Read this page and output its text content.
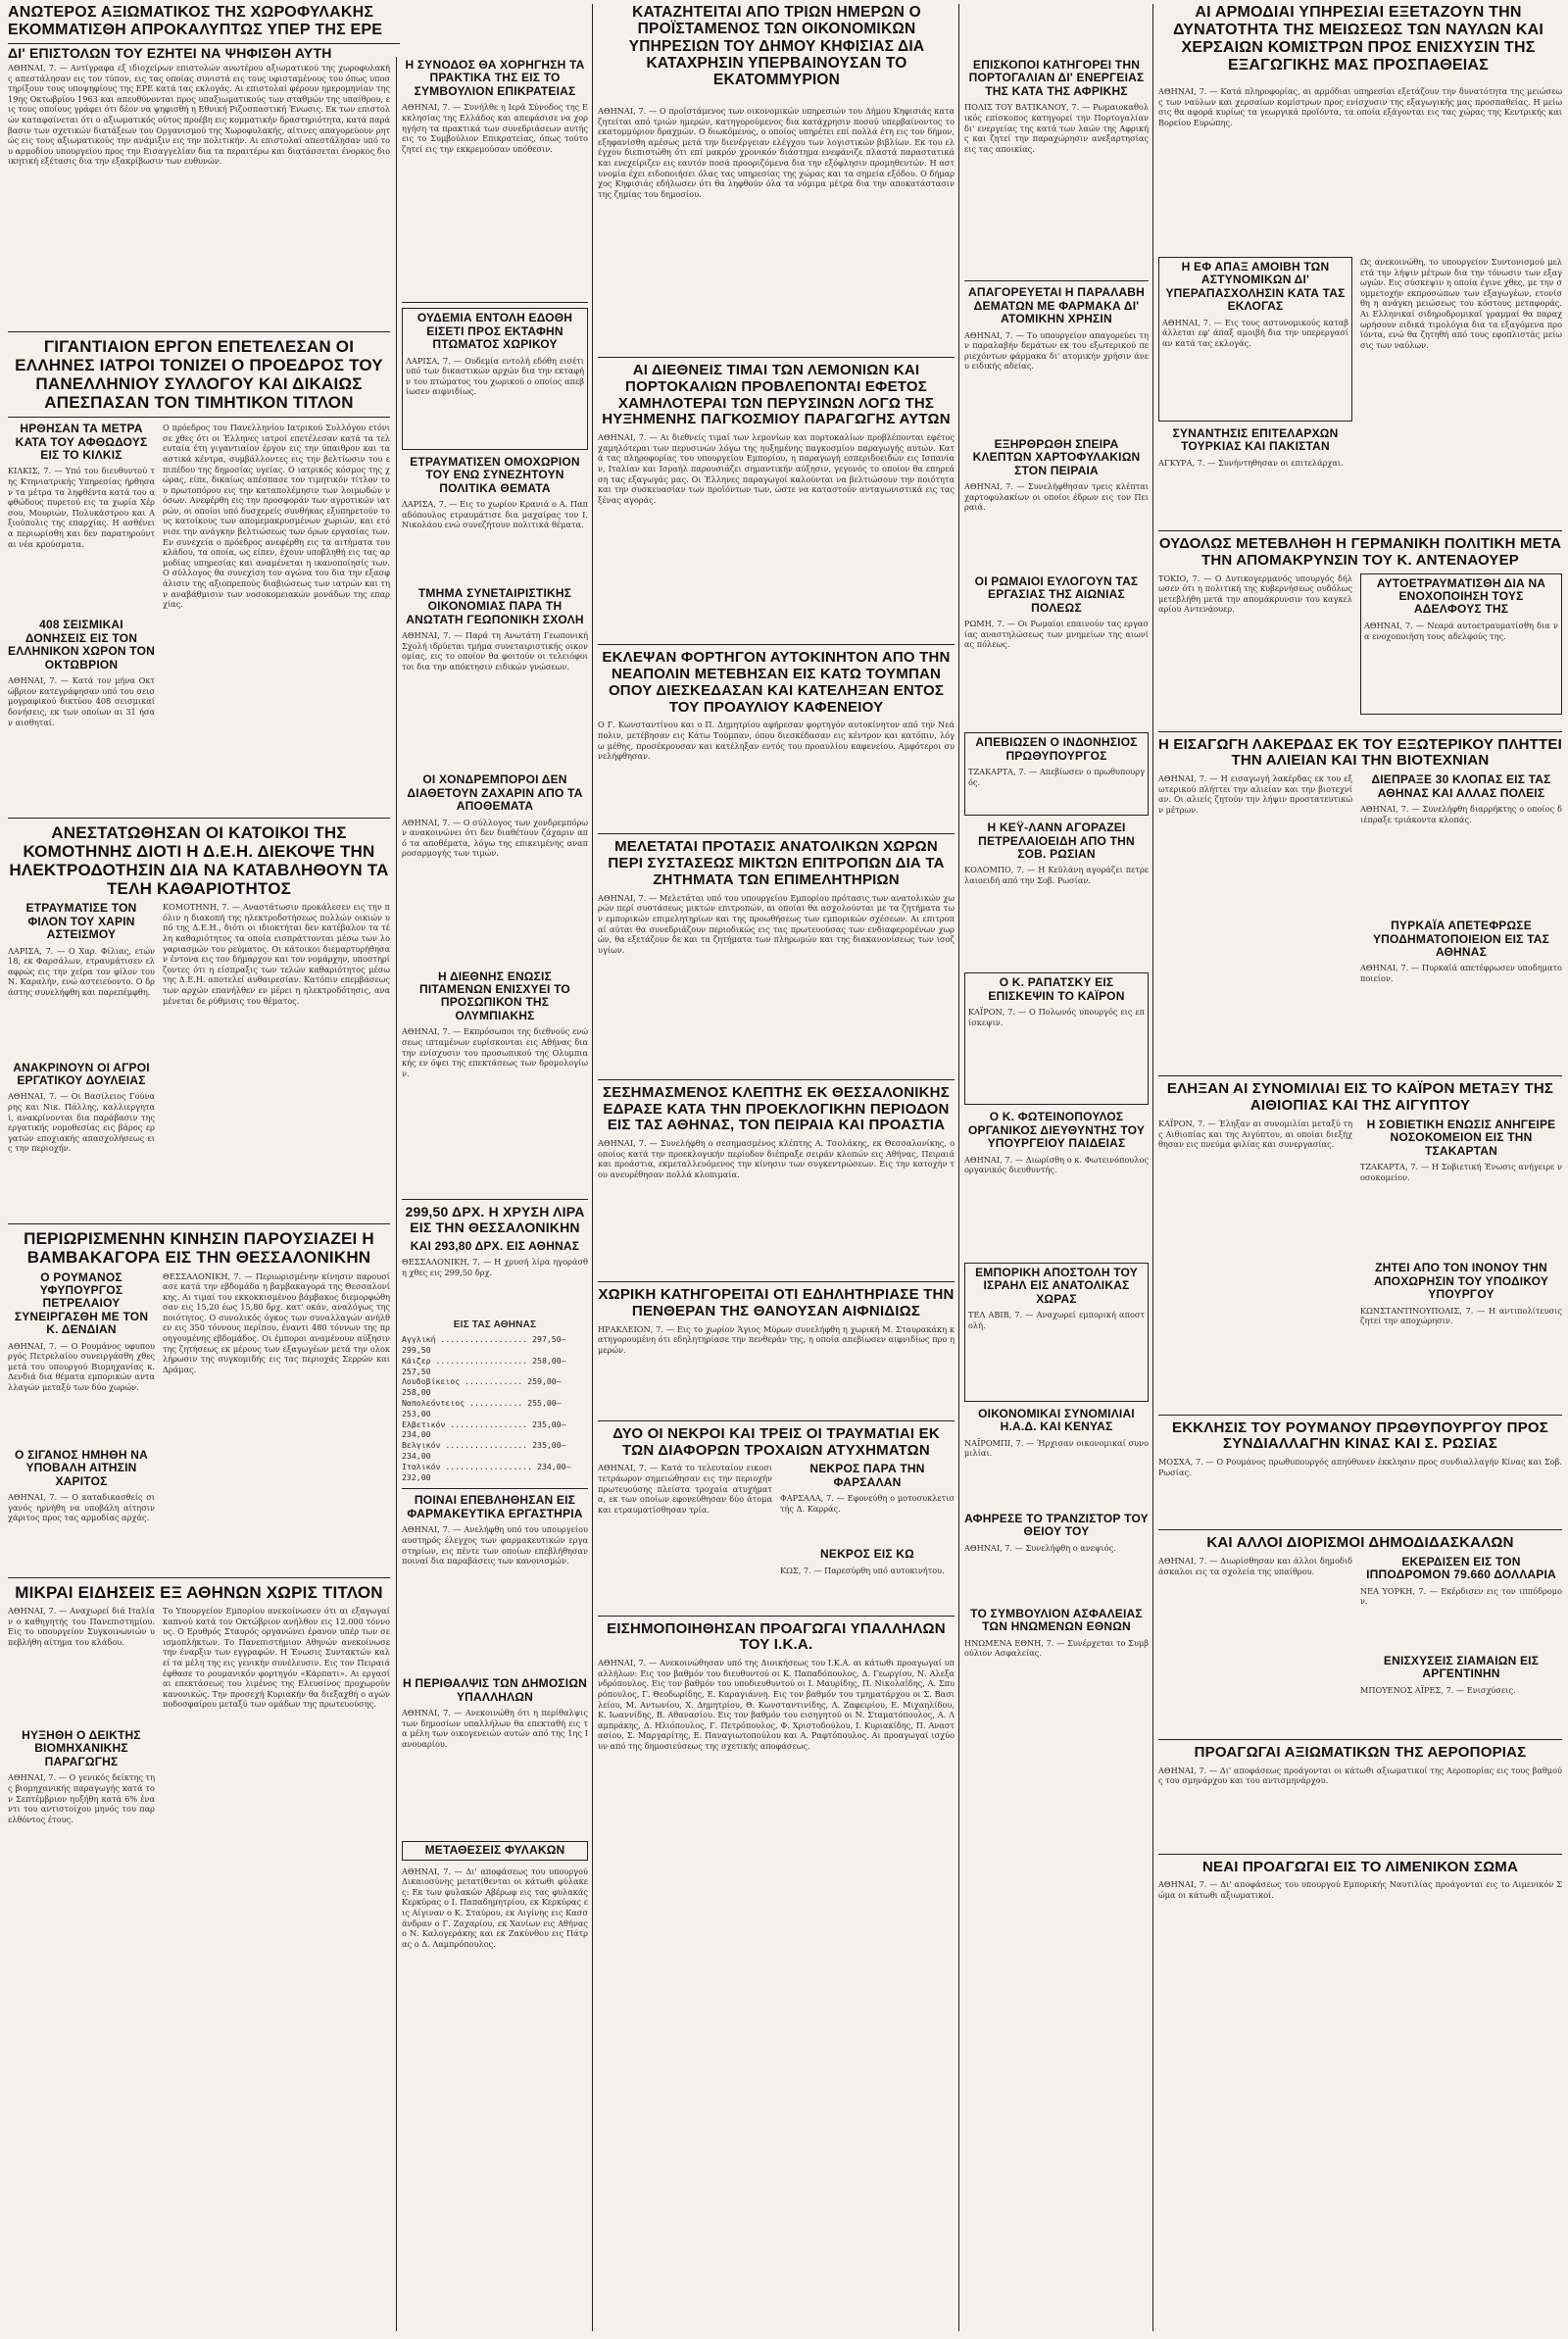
ΑΝΩΤΕΡΟΣ ΑΞΙΩΜΑΤΙΚΟΣ ΤΗΣ ΧΩΡΟΦΥΛΑΚΗΣ ΕΚΟΜΜΑΤΙΣΘΗ ΑΠΡΟΚΑΛΥΠΤΩΣ ΥΠΕΡ ΤΗΣ ΕΡΕ
ΔΙ' ΕΠΙΣΤΟΛΩΝ ΤΟΥ ΕΖΗΤΕΙ ΝΑ ΨΗΦΙΣΘΗ ΑΥΤΗ
ΚΑΤΑΖΗΤΕΙΤΑΙ ΑΠΟ ΤΡΙΩΝ ΗΜΕΡΩΝ Ο ΠΡΟΪΣΤΑΜΕΝΟΣ ΤΩΝ ΟΙΚΟΝΟΜΙΚΩΝ ΥΠΗΡΕΣΙΩΝ ΤΟΥ ΔΗΜΟΥ ΚΗΦΙΣΙΑΣ ΔΙΑ ΚΑΤΑΧΡΗΣΙΝ ΥΠΕΡΒΑΙΝΟΥΣΑΝ ΤΟ ΕΚΑΤΟΜΜΥΡΙΟΝ
ΑΙ ΑΡΜΟΔΙΑΙ ΥΠΗΡΕΣΙΑΙ ΕΞΕΤΑΖΟΥΝ ΤΗΝ ΔΥΝΑΤΟΤΗΤΑ ΤΗΣ ΜΕΙΩΣΕΩΣ ΤΩΝ ΝΑΥΛΩΝ ΚΑΙ ΧΕΡΣΑΙΩΝ ΚΟΜΙΣΤΡΩΝ ΠΡΟΣ ΕΝΙΣΧΥΣΙΝ ΤΗΣ ΕΞΑΓΩΓΙΚΗΣ ΜΑΣ ΠΡΟΣΠΑΘΕΙΑΣ

ΑΘΗΝΑΙ, 7. — Αντίγραφα εξ ιδιοχείρων επιστολών ανωτέρου αξιωματικού της χωροφυλακής απεστάλησαν εις τον τύπον, εις τας οποίας συνιστά εις τους υφισταμένους του όπως υποστηρίξουν τους υποψηφίους της ΕΡΕ κατά τας εκλογάς. Αι επιστολαί φέρουν ημερομηνίαν της 19ης Οκτωβρίου 1963 και απευθύνονται προς υπαξιωματικούς των σταθμών της υπαίθρου, εις τους οποίους γράφει ότι δέον να ψηφισθή η Εθνική Ριζοσπαστική Ένωσις. Εκ των επιστολών καταφαίνεται ότι ο αξιωματικός ούτος προέβη εις κομματικήν δραστηριότητα, κατά παράβασιν των σχετικών διατάξεων του Οργανισμού της Χωροφυλακής, αίτινες απαγορεύουν ρητώς εις τους αξιωματικούς την ανάμιξιν εις την πολιτικήν. Αι επιστολαί απεστάλησαν υπό του αρμοδίου υπουργείου προς την Εισαγγελίαν δια τα περαιτέρω και διατάσσεται ένορκος διοικητική εξέτασις δια την εξακρίβωσιν των ευθυνών.

ΓΙΓΑΝΤΙΑΙΟΝ ΕΡΓΟΝ ΕΠΕΤΕΛΕΣΑΝ ΟΙ ΕΛΛΗΝΕΣ ΙΑΤΡΟΙ ΤΟΝΙΖΕΙ Ο ΠΡΟΕΔΡΟΣ ΤΟΥ ΠΑΝΕΛΛΗΝΙΟΥ ΣΥΛΛΟΓΟΥ ΚΑΙ ΔΙΚΑΙΩΣ ΑΠΕΣΠΑΣΑΝ ΤΟΝ ΤΙΜΗΤΙΚΟΝ ΤΙΤΛΟΝ
ΗΡΘΗΣΑΝ ΤΑ ΜΕΤΡΑ ΚΑΤΑ ΤΟΥ ΑΦΘΩΔΟΥΣ ΕΙΣ ΤΟ ΚΙΛΚΙΣ

ΚΙΛΚΙΣ, 7. — Υπό του διευθυντού της Κτηνιατρικής Υπηρεσίας ήρθησαν τα μέτρα τα ληφθέντα κατά του αφθώδους πυρετού εις τα χωρία Χέρσου, Μουριών, Πολυκάστρου και Αξιούπολις της επαρχίας. Η ασθένεια περιωρίσθη και δεν παρατηρούνται νέα κρούσματα.

408 ΣΕΙΣΜΙΚΑΙ ΔΟΝΗΣΕΙΣ ΕΙΣ ΤΟΝ ΕΛΛΗΝΙΚΟΝ ΧΩΡΟΝ ΤΟΝ ΟΚΤΩΒΡΙΟΝ

ΑΘΗΝΑΙ, 7. — Κατά τον μήνα Οκτώβριον κατεγράφησαν υπό του σεισμογραφικού δικτύου 408 σεισμικαί δονήσεις, εκ των οποίων αι 31 ήσαν αισθηταί.

Ο πρόεδρος του Πανελληνίου Ιατρικού Συλλόγου ετόνισε χθες ότι οι Έλληνες ιατροί επετέλεσαν κατά τα τελευταία έτη γιγαντιαίον έργον εις την ύπαιθρον και τα αστικά κέντρα, συμβάλλοντες εις την βελτίωσιν του επιπέδου της δημοσίας υγείας. Ο ιατρικός κόσμος της χώρας, είπε, δικαίως απέσπασε τον τιμητικόν τίτλον του πρωτοπόρου εις την καταπολέμησιν των λοιμωδών νόσων. Ανεφέρθη εις την προσφοράν των αγροτικών ιατρών, οι οποίοι υπό δυσχερείς συνθήκας εξυπηρετούν τους κατοίκους των απομεμακρυσμένων χωριών, και ετόνισε την ανάγκην βελτιώσεως των όρων εργασίας των. Εν συνεχεία ο πρόεδρος ανεφέρθη εις τα αιτήματα του κλάδου, τα οποία, ως είπεν, έχουν υποβληθή εις τας αρμοδίας υπηρεσίας και αναμένεται η ικανοποίησίς των. Ο σύλλογος θα συνεχίση τον αγώνα του δια την εξασφάλισιν της αξιοπρεπούς διαβιώσεως των ιατρών και την αναβάθμισιν των νοσοκομειακών μονάδων της επαρχίας.

ΑΝΕΣΤΑΤΩΘΗΣΑΝ ΟΙ ΚΑΤΟΙΚΟΙ ΤΗΣ ΚΟΜΟΤΗΝΗΣ ΔΙΟΤΙ Η Δ.Ε.Η. ΔΙΕΚΟΨΕ ΤΗΝ ΗΛΕΚΤΡΟΔΟΤΗΣΙΝ ΔΙΑ ΝΑ ΚΑΤΑΒΛΗΘΟΥΝ ΤΑ ΤΕΛΗ ΚΑΘΑΡΙΟΤΗΤΟΣ
ΕΤΡΑΥΜΑΤΙΣΕ ΤΟΝ ΦΙΛΟΝ ΤΟΥ ΧΑΡΙΝ ΑΣΤΕΙΣΜΟΥ

ΛΑΡΙΣΑ, 7. — Ο Χαρ. Φίλιας, ετών 18, εκ Φαρσάλων, ετραυμάτισεν ελαφρώς εις την χείρα τον φίλον του Ν. Καραλήν, ενώ αστειεύοντο. Ο δράστης συνελήφθη και παρεπέμφθη.

ΑΝΑΚΡΙΝΟΥΝ ΟΙ ΑΓΡΟΙ ΕΡΓΑΤΙΚΟΥ ΔΟΥΛΕΙΑΣ

ΑΘΗΝΑΙ, 7. — Οι Βασίλειος Γούναρης και Νικ. Πάλλης, καλλιεργηταί, ανακρίνονται δια παράβασιν της εργατικής νομοθεσίας εις βάρος εργατών εποχιακής απασχολήσεως εις την περιοχήν.

ΚΟΜΟΤΗΝΗ, 7. — Αναστάτωσιν προκάλεσεν εις την πόλιν η διακοπή της ηλεκτροδοτήσεως πολλών οικιών υπό της Δ.Ε.Η., διότι οι ιδιοκτήται δεν κατέβαλον τα τέλη καθαριότητος τα οποία εισπράττονται μέσω των λογαριασμών του ρεύματος. Οι κάτοικοι διεμαρτυρήθησαν έντονα εις τον δήμαρχον και τον νομάρχην, υποστηρίζοντες ότι η είσπραξις των τελών καθαριότητος μέσω της Δ.Ε.Η. αποτελεί αυθαιρεσίαν. Κατόπιν επεμβάσεως των αρχών επανήλθεν εν μέρει η ηλεκτροδότησις, αναμένεται δε ρύθμισις του θέματος.

ΠΕΡΙΩΡΙΣΜΕΝΗΝ ΚΙΝΗΣΙΝ ΠΑΡΟΥΣΙΑΖΕΙ Η ΒΑΜΒΑΚΑΓΟΡΑ ΕΙΣ ΤΗΝ ΘΕΣΣΑΛΟΝΙΚΗΝ
Ο ΡΟΥΜΑΝΟΣ ΥΦΥΠΟΥΡΓΟΣ ΠΕΤΡΕΛΑΙΟΥ ΣΥΝΕΙΡΓΑΣΘΗ ΜΕ ΤΟΝ Κ. ΔΕΝΔΙΑΝ

ΑΘΗΝΑΙ, 7. — Ο Ρουμάνος υφυπουργός Πετρελαίου συνειργάσθη χθες μετά του υπουργού Βιομηχανίας κ. Δενδιά δια θέματα εμπορικών ανταλλαγών μεταξύ των δύο χωρών.

Ο ΣΙΓΑΝΟΣ ΗΜΗΘΗ ΝΑ ΥΠΟΒΑΛΗ ΑΙΤΗΣΙΝ ΧΑΡΙΤΟΣ

ΑΘΗΝΑΙ, 7. — Ο καταδικασθείς σιγανός ηρνήθη να υποβάλη αίτησιν χάριτος προς τας αρμοδίας αρχάς.

ΘΕΣΣΑΛΟΝΙΚΗ, 7. — Περιωρισμένην κίνησιν παρουσίασε κατά την εβδομάδα η βαμβακαγορά της Θεσσαλονίκης. Αι τιμαί του εκκοκκισμένου βάμβακος διεμορφώθησαν εις 15,20 έως 15,80 δρχ. κατ' οκάν, αναλόγως της ποιότητος. Ο συνολικός όγκος των συναλλαγών ανήλθεν εις 350 τόννους περίπου, έναντι 480 τόννων της προηγουμένης εβδομάδος. Οι έμποροι αναμένουν αύξησιν της ζητήσεως εκ μέρους των εξαγωγέων μετά την ολοκλήρωσιν της συγκομιδής εις τας περιοχάς Σερρών και Δράμας.

ΜΙΚΡΑΙ ΕΙΔΗΣΕΙΣ ΕΞ ΑΘΗΝΩΝ ΧΩΡΙΣ ΤΙΤΛΟΝ

ΑΘΗΝΑΙ, 7. — Αναχωρεί διά Ιταλίαν ο καθηγητής του Πανεπιστημίου. Εις το υπουργείον Συγκοινωνιών υπεβλήθη αίτημα του κλάδου.

ΗΥΞΗΘΗ Ο ΔΕΙΚΤΗΣ ΒΙΟΜΗΧΑΝΙΚΗΣ ΠΑΡΑΓΩΓΗΣ

ΑΘΗΝΑΙ, 7. — Ο γενικός δείκτης της βιομηχανικής παραγωγής κατά τον Σεπτέμβριον ηυξήθη κατά 6% έναντι του αντιστοίχου μηνός του παρελθόντος έτους.

Το Υπουργείον Εμπορίου ανεκοίνωσεν ότι αι εξαγωγαί καπνού κατά τον Οκτώβριον ανήλθον εις 12.000 τόννους. Ο Ερυθρός Σταυρός οργανώνει έρανον υπέρ των σεισμοπλήκτων. Το Πανεπιστήμιον Αθηνών ανεκοίνωσε την έναρξιν των εγγραφών. Η Ένωσις Συντακτών καλεί τα μέλη της εις γενικήν συνέλευσιν. Εις τον Πειραιά έφθασε το ρουμανικόν φορτηγόν «Κάρπατι». Αι εργασίαι επεκτάσεως του λιμένος της Ελευσίνος προχωρούν κανονικώς. Την προσεχή Κυριακήν θα διεξαχθή ο αγών ποδοσφαίρου μεταξύ των ομάδων της πρωτευούσης.

Η ΣΥΝΟΔΟΣ ΘΑ ΧΟΡΗΓΗΣΗ ΤΑ ΠΡΑΚΤΙΚΑ ΤΗΣ ΕΙΣ ΤΟ ΣΥΜΒΟΥΛΙΟΝ ΕΠΙΚΡΑΤΕΙΑΣ

ΑΘΗΝΑΙ, 7. — Συνήλθε η Ιερά Σύνοδος της Εκκλησίας της Ελλάδος και απεφάσισε να χορηγήση τα πρακτικά των συνεδριάσεων αυτής εις το Συμβούλιον Επικρατείας, όπως τούτο ζητεί εις την εκκρεμούσαν υπόθεσιν.

ΟΥΔΕΜΙΑ ΕΝΤΟΛΗ ΕΔΟΘΗ ΕΙΣΕΤΙ ΠΡΟΣ ΕΚΤΑΦΗΝ ΠΤΩΜΑΤΟΣ ΧΩΡΙΚΟΥ

ΛΑΡΙΣΑ, 7. — Ουδεμία εντολή εδόθη εισέτι υπό των δικαστικών αρχών δια την εκταφήν του πτώματος του χωρικού ο οποίος απεβίωσεν αιφνιδίως.

ΕΤΡΑΥΜΑΤΙΣΕΝ ΟΜΟΧΩΡΙΟΝ ΤΟΥ ΕΝΩ ΣΥΝΕΖΗΤΟΥΝ ΠΟΛΙΤΙΚΑ ΘΕΜΑΤΑ

ΛΑΡΙΣΑ, 7. — Εις το χωρίον Κρανιά ο Α. Παπαδόπουλος ετραυμάτισε δια μαχαίρας τον Ι. Νικολάου ενώ συνεζήτουν πολιτικά θέματα.

ΤΜΗΜΑ ΣΥΝΕΤΑΙΡΙΣΤΙΚΗΣ ΟΙΚΟΝΟΜΙΑΣ ΠΑΡΑ ΤΗ ΑΝΩΤΑΤΗ ΓΕΩΠΟΝΙΚΗ ΣΧΟΛΗ

ΑΘΗΝΑΙ, 7. — Παρά τη Ανωτάτη Γεωπονική Σχολή ιδρύεται τμήμα συνεταιριστικής οικονομίας, εις το οποίον θα φοιτούν οι τελειόφοιτοι δια την απόκτησιν ειδικών γνώσεων.

ΟΙ ΧΟΝΔΡΕΜΠΟΡΟΙ ΔΕΝ ΔΙΑΘΕΤΟΥΝ ΖΑΧΑΡΙΝ ΑΠΟ ΤΑ ΑΠΟΘΕΜΑΤΑ

ΑΘΗΝΑΙ, 7. — Ο σύλλογος των χονδρεμπόρων ανακοινώνει ότι δεν διαθέτουν ζάχαριν από τα αποθέματα, λόγω της επικειμένης αναπροσαρμογής των τιμών.

Η ΔΙΕΘΝΗΣ ΕΝΩΣΙΣ ΠΙΤΑΜΕΝΩΝ ΕΝΙΣΧΥΕΙ ΤΟ ΠΡΟΣΩΠΙΚΟΝ ΤΗΣ ΟΛΥΜΠΙΑΚΗΣ

ΑΘΗΝΑΙ, 7. — Εκπρόσωποι της διεθνούς ενώσεως ιπταμένων ευρίσκονται εις Αθήνας δια την ενίσχυσιν του προσωπικού της Ολυμπιακής εν όψει της επεκτάσεως των δρομολογίων.

299,50 ΔΡΧ. Η ΧΡΥΣΗ ΛΙΡΑ ΕΙΣ ΤΗΝ ΘΕΣΣΑΛΟΝΙΚΗΝ
ΚΑΙ 293,80 ΔΡΧ. ΕΙΣ ΑΘΗΝΑΣ

ΘΕΣΣΑΛΟΝΙΚΗ, 7. — Η χρυσή λίρα ηγοράσθη χθες εις 299,50 δρχ.

ΕΙΣ ΤΑΣ ΑΘΗΝΑΣ
Αγγλική .................. 297,50—299,50
Κάιζερ ................... 258,00—257,50
Λουδοβίκειος ............ 259,00—258,00
Ναπολεόντειος ........... 255,00—253,00
Ελβετικόν ................ 235,00—234,00
Βελγικόν ................. 235,00—234,00
Ιταλικόν .................. 234,00—232,00
ΠΟΙΝΑΙ ΕΠΕΒΛΗΘΗΣΑΝ ΕΙΣ ΦΑΡΜΑΚΕΥΤΙΚΑ ΕΡΓΑΣΤΗΡΙΑ

ΑΘΗΝΑΙ, 7. — Ανελήφθη υπό του υπουργείου αυστηρός έλεγχος των φαρμακευτικών εργαστηρίων, εις πέντε των οποίων επεβλήθησαν ποιναί δια παραβάσεις των κανονισμών.

Η ΠΕΡΙΘΑΛΨΙΣ ΤΩΝ ΔΗΜΟΣΙΩΝ ΥΠΑΛΛΗΛΩΝ

ΑΘΗΝΑΙ, 7. — Ανεκοινώθη ότι η περίθαλψις των δημοσίων υπαλλήλων θα επεκταθή εις τα μέλη των οικογενειών αυτών από της 1ης Ιανουαρίου.

ΜΕΤΑΘΕΣΕΙΣ ΦΥΛΑΚΩΝ

ΑΘΗΝΑΙ, 7. — Δι' αποφάσεως του υπουργού Δικαιοσύνης μετατίθενται οι κάτωθι φύλακες: Εκ των φυλακών Αβέρωφ εις τας φυλακάς Κερκύρας ο Ι. Παπαδημητρίου, εκ Κερκύρας εις Αίγιναν ο Κ. Σταύρου, εκ Αιγίνης εις Κασσάνδραν ο Γ. Ζαχαρίου, εκ Χανίων εις Αθήνας ο Ν. Καλογεράκης και εκ Ζακύνθου εις Πάτρας ο Δ. Λαμπρόπουλος.

ΑΘΗΝΑΙ, 7. — Ο προϊστάμενος των οικονομικών υπηρεσιών του Δήμου Κηφισιάς καταζητείται από τριών ημερών, κατηγορούμενος δια κατάχρησιν ποσού υπερβαίνοντος το εκατομμύριον δραχμών. Ο διωκόμενος, ο οποίος υπηρέτει επί πολλά έτη εις τον δήμον, εξηφανίσθη αμέσως μετά την διενέργειαν ελέγχου των λογιστικών βιβλίων. Εκ του ελέγχου διεπιστώθη ότι επί μακρόν χρονικόν διάστημα ενεφάνιζε πλαστά παραστατικά και ενεχείριζεν εις εαυτόν ποσά προοριζόμενα δια την εξόφλησιν προμηθευτών. Η αστυνομία έχει ειδοποιήσει όλας τας υπηρεσίας της χώρας και τα σημεία εξόδου. Ο δήμαρχος Κηφισιάς εδήλωσεν ότι θα ληφθούν όλα τα νόμιμα μέτρα δια την αποκατάστασιν της ζημίας του δημοσίου.

ΑΙ ΔΙΕΘΝΕΙΣ ΤΙΜΑΙ ΤΩΝ ΛΕΜΟΝΙΩΝ ΚΑΙ ΠΟΡΤΟΚΑΛΙΩΝ ΠΡΟΒΛΕΠΟΝΤΑΙ ΕΦΕΤΟΣ ΧΑΜΗΛΟΤΕΡΑΙ ΤΩΝ ΠΕΡΥΣΙΝΩΝ ΛΟΓΩ ΤΗΣ ΗΥΞΗΜΕΝΗΣ ΠΑΓΚΟΣΜΙΟΥ ΠΑΡΑΓΩΓΗΣ ΑΥΤΩΝ

ΑΘΗΝΑΙ, 7. — Αι διεθνείς τιμαί των λεμονίων και πορτοκαλίων προβλέπονται εφέτος χαμηλότεραι των περυσινών λόγω της ηυξημένης παγκοσμίου παραγωγής αυτών. Κατά τας πληροφορίας του υπουργείου Εμπορίου, η παραγωγή εσπεριδοειδών εις Ισπανίαν, Ιταλίαν και Ισραήλ παρουσιάζει σημαντικήν αύξησιν, γεγονός το οποίον θα επηρεάση τας εξαγωγάς μας. Οι Έλληνες παραγωγοί καλούνται να βελτιώσουν την ποιότητα και την συσκευασίαν των προϊόντων των, ώστε να καταστούν ανταγωνιστικά εις τας ξένας αγοράς.

ΕΚΛΕΨΑΝ ΦΟΡΤΗΓΟΝ ΑΥΤΟΚΙΝΗΤΟΝ ΑΠΟ ΤΗΝ ΝΕΑΠΟΛΙΝ ΜΕΤΕΒΗΣΑΝ ΕΙΣ ΚΑΤΩ ΤΟΥΜΠΑΝ ΟΠΟΥ ΔΙΕΣΚΕΔΑΣΑΝ ΚΑΙ ΚΑΤΕΛΗΞΑΝ ΕΝΤΟΣ ΤΟΥ ΠΡΟΑΥΛΙΟΥ ΚΑΦΕΝΕΙΟΥ

Ο Γ. Κωνσταντίνου και ο Π. Δημητρίου αφήρεσαν φορτηγόν αυτοκίνητον από την Νεάπολιν, μετέβησαν εις Κάτω Τούμπαν, όπου διεσκέδασαν εις κέντρον και κατόπιν, λόγω μέθης, προσέκρουσαν και κατέληξαν εντός του προαυλίου καφενείου. Αμφότεροι συνελήφθησαν.

ΜΕΛΕΤΑΤΑΙ ΠΡΟΤΑΣΙΣ ΑΝΑΤΟΛΙΚΩΝ ΧΩΡΩΝ ΠΕΡΙ ΣΥΣΤΑΣΕΩΣ ΜΙΚΤΩΝ ΕΠΙΤΡΟΠΩΝ ΔΙΑ ΤΑ ΖΗΤΗΜΑΤΑ ΤΩΝ ΕΠΙΜΕΛΗΤΗΡΙΩΝ

ΑΘΗΝΑΙ, 7. — Μελετάται υπό του υπουργείου Εμπορίου πρότασις των ανατολικών χωρών περί συστάσεως μικτών επιτροπών, αι οποίαι θα ασχολούνται με τα ζητήματα των εμπορικών επιμελητηρίων και της προωθήσεως των εμπορικών σχέσεων. Αι επιτροπαί αύται θα συνεδριάζουν περιοδικώς εις τας πρωτευούσας των ενδιαφερομένων χωρών, θα εξετάζουν δε και τα ζητήματα των πληρωμών και της διακανονίσεως των ισοζυγίων.

ΣΕΣΗΜΑΣΜΕΝΟΣ ΚΛΕΠΤΗΣ ΕΚ ΘΕΣΣΑΛΟΝΙΚΗΣ ΕΔΡΑΣΕ ΚΑΤΑ ΤΗΝ ΠΡΟΕΚΛΟΓΙΚΗΝ ΠΕΡΙΟΔΟΝ ΕΙΣ ΤΑΣ ΑΘΗΝΑΣ, ΤΟΝ ΠΕΙΡΑΙΑ ΚΑΙ ΠΡΟΑΣΤΙΑ

ΑΘΗΝΑΙ, 7. — Συνελήφθη ο σεσημασμένος κλέπτης Α. Τσολάκης, εκ Θεσσαλονίκης, ο οποίος κατά την προεκλογικήν περίοδον διέπραξε σειράν κλοπών εις Αθήνας, Πειραιά και προάστια, εκμεταλλευόμενος την κίνησιν των συγκεντρώσεων. Εις την κατοχήν του ανευρέθησαν πολλά κλοπιμαία.

ΧΩΡΙΚΗ ΚΑΤΗΓΟΡΕΙΤΑΙ ΟΤΙ ΕΔΗΛΗΤΗΡΙΑΣΕ ΤΗΝ ΠΕΝΘΕΡΑΝ ΤΗΣ ΘΑΝΟΥΣΑΝ ΑΙΦΝΙΔΙΩΣ

ΗΡΑΚΛΕΙΟΝ, 7. — Εις το χωρίον Άγιος Μύρων συνελήφθη η χωρική Μ. Σταυρακάκη κατηγορουμένη ότι εδηλητηρίασε την πενθεράν της, η οποία απεβίωσεν αιφνιδίως προ ημερών.

ΔΥΟ ΟΙ ΝΕΚΡΟΙ ΚΑΙ ΤΡΕΙΣ ΟΙ ΤΡΑΥΜΑΤΙΑΙ ΕΚ ΤΩΝ ΔΙΑΦΟΡΩΝ ΤΡΟΧΑΙΩΝ ΑΤΥΧΗΜΑΤΩΝ

ΑΘΗΝΑΙ, 7. — Κατά το τελευταίον εικοσιτετράωρον σημειώθησαν εις την περιοχήν πρωτευούσης πλείστα τροχαία ατυχήματα, εκ των οποίων εφονεύθησαν δύο άτομα και ετραυματίσθησαν τρία.

ΝΕΚΡΟΣ ΠΑΡΑ ΤΗΝ ΦΑΡΣΑΛΑΝ

ΦΑΡΣΑΛΑ, 7. — Εφονεύθη ο μοτοσυκλετιστής Δ. Καρράς.

ΝΕΚΡΟΣ ΕΙΣ ΚΩ

ΚΩΣ, 7. — Παρεσύρθη υπό αυτοκινήτου.

ΕΙΣΗΜΟΠΟΙΗΘΗΣΑΝ ΠΡΟΑΓΩΓΑΙ ΥΠΑΛΛΗΛΩΝ ΤΟΥ Ι.Κ.Α.

ΑΘΗΝΑΙ, 7. — Ανεκοινώθησαν υπό της Διοικήσεως του Ι.Κ.Α. αι κάτωθι προαγωγαί υπαλλήλων: Εις τον βαθμόν του διευθυντού οι Κ. Παπαδόπουλος, Δ. Γεωργίου, Ν. Αλεξανδρόπουλος. Εις τον βαθμόν του υποδιευθυντού οι Ι. Μαυρίδης, Π. Νικολαΐδης, Α. Σπυρόπουλος, Γ. Θεοδωρίδης, Ε. Καραγιάννη. Εις τον βαθμόν του τμηματάρχου οι Σ. Βασιλείου, Μ. Αντωνίου, Χ. Δημητρίου, Θ. Κωνσταντινίδης, Λ. Ζαφειρίου, Ε. Μιχαηλίδου, Κ. Ιωαννίδης, Β. Αθανασίου. Εις τον βαθμόν του εισηγητού οι Ν. Σταματόπουλος, Α. Λαμπράκης, Δ. Ηλιόπουλος, Γ. Πετρόπουλος, Φ. Χριστοδούλου, Ι. Κυριακίδης, Π. Αναστασίου, Σ. Μαργαρίτης, Ε. Παναγιωτοπούλου και Α. Ραφτόπουλος. Αι προαγωγαί ισχύουν από της δημοσιεύσεως της σχετικής αποφάσεως.

ΕΠΙΣΚΟΠΟΙ ΚΑΤΗΓΟΡΕΙ ΤΗΝ ΠΟΡΤΟΓΑΛΙΑΝ ΔΙ' ΕΝΕΡΓΕΙΑΣ ΤΗΣ ΚΑΤΑ ΤΗΣ ΑΦΡΙΚΗΣ

ΠΟΛΙΣ ΤΟΥ ΒΑΤΙΚΑΝΟΥ, 7. — Ρωμαιοκαθολικός επίσκοπος κατηγορεί την Πορτογαλίαν δι' ενεργείας της κατά των λαών της Αφρικής και ζητεί την παραχώρησιν ανεξαρτησίας εις τας αποικίας.

ΑΠΑΓΟΡΕΥΕΤΑΙ Η ΠΑΡΑΛΑΒΗ ΔΕΜΑΤΩΝ ΜΕ ΦΑΡΜΑΚΑ ΔΙ' ΑΤΟΜΙΚΗΝ ΧΡΗΣΙΝ

ΑΘΗΝΑΙ, 7. — Το υπουργείον απαγορεύει την παραλαβήν δεμάτων εκ του εξωτερικού περιεχόντων φάρμακα δι' ατομικήν χρήσιν άνευ ειδικής αδείας.

ΕΞΗΡΘΡΩΘΗ ΣΠΕΙΡΑ ΚΛΕΠΤΩΝ ΧΑΡΤΟΦΥΛΑΚΙΩΝ ΣΤΟΝ ΠΕΙΡΑΙΑ

ΑΘΗΝΑΙ, 7. — Συνελήφθησαν τρεις κλέπται χαρτοφυλακίων οι οποίοι έδρων εις τον Πειραιά.

ΟΙ ΡΩΜΑΙΟΙ ΕΥΛΟΓΟΥΝ ΤΑΣ ΕΡΓΑΣΙΑΣ ΤΗΣ ΑΙΩΝΙΑΣ ΠΟΛΕΩΣ

ΡΩΜΗ, 7. — Οι Ρωμαίοι επαινούν τας εργασίας αναστηλώσεως των μνημείων της αιωνίας πόλεως.

ΑΠΕΒΙΩΣΕΝ Ο ΙΝΔΟΝΗΣΙΟΣ ΠΡΩΘΥΠΟΥΡΓΟΣ

ΤΖΑΚΑΡΤΑ, 7. — Απεβίωσεν ο πρωθυπουργός.

Η ΚΕΫ-ΛΑΝΝ ΑΓΟΡΑΖΕΙ ΠΕΤΡΕΛΑΙΟΕΙΔΗ ΑΠΟ ΤΗΝ ΣΟΒ. ΡΩΣΙΑΝ

ΚΟΛΟΜΠΟ, 7. — Η Κεϋλάνη αγοράζει πετρελαιοειδή από την Σοβ. Ρωσίαν.

Ο Κ. ΡΑΠΑΤΣΚΥ ΕΙΣ ΕΠΙΣΚΕΨΙΝ ΤΟ ΚΑΪΡΟΝ

ΚΑΪΡΟΝ, 7. — Ο Πολωνός υπουργός εις επίσκεψιν.

Ο Κ. ΦΩΤΕΙΝΟΠΟΥΛΟΣ ΟΡΓΑΝΙΚΟΣ ΔΙΕΥΘΥΝΤΗΣ ΤΟΥ ΥΠΟΥΡΓΕΙΟΥ ΠΑΙΔΕΙΑΣ

ΑΘΗΝΑΙ, 7. — Διωρίσθη ο κ. Φωτεινόπουλος οργανικός διευθυντής.

ΕΜΠΟΡΙΚΗ ΑΠΟΣΤΟΛΗ ΤΟΥ ΙΣΡΑΗΛ ΕΙΣ ΑΝΑΤΟΛΙΚΑΣ ΧΩΡΑΣ

ΤΕΛ ΑΒΙΒ, 7. — Αναχωρεί εμπορική αποστολή.

ΟΙΚΟΝΟΜΙΚΑΙ ΣΥΝΟΜΙΛΙΑΙ Η.Α.Δ. ΚΑΙ ΚΕΝΥΑΣ

ΝΑΪΡΟΜΠΙ, 7. — Ήρχισαν οικονομικαί συνομιλίαι.

ΑΦΗΡΕΣΕ ΤΟ ΤΡΑΝΖΙΣΤΟΡ ΤΟΥ ΘΕΙΟΥ ΤΟΥ

ΑΘΗΝΑΙ, 7. — Συνελήφθη ο ανεψιός.

ΤΟ ΣΥΜΒΟΥΛΙΟΝ ΑΣΦΑΛΕΙΑΣ ΤΩΝ ΗΝΩΜΕΝΩΝ ΕΘΝΩΝ

ΗΝΩΜΕΝΑ ΕΘΝΗ, 7. — Συνέρχεται το Συμβούλιον Ασφαλείας.

ΑΘΗΝΑΙ, 7. — Κατά πληροφορίας, αι αρμόδιαι υπηρεσίαι εξετάζουν την δυνατότητα της μειώσεως των ναύλων και χερσαίων κομίστρων προς ενίσχυσιν της εξαγωγικής μας προσπαθείας. Η μείωσις θα αφορά κυρίως τα γεωργικά προϊόντα, τα οποία εξάγονται εις τας χώρας της Κεντρικής και Βορείου Ευρώπης.

Η ΕΦ ΑΠΑΞ ΑΜΟΙΒΗ ΤΩΝ ΑΣΤΥΝΟΜΙΚΩΝ ΔΙ' ΥΠΕΡΑΠΑΣΧΟΛΗΣΙΝ ΚΑΤΑ ΤΑΣ ΕΚΛΟΓΑΣ

ΑΘΗΝΑΙ, 7. — Εις τους αστυνομικούς καταβάλλεται εφ' άπαξ αμοιβή δια την υπερεργασίαν κατά τας εκλογάς.

ΣΥΝΑΝΤΗΣΙΣ ΕΠΙΤΕΛΑΡΧΩΝ ΤΟΥΡΚΙΑΣ ΚΑΙ ΠΑΚΙΣΤΑΝ

ΑΓΚΥΡΑ, 7. — Συνήντηθησαν οι επιτελάρχαι.

Ως ανεκοινώθη, το υπουργείον Συντονισμού μελετά την λήψιν μέτρων δια την τόνωσιν των εξαγωγών. Εις σύσκεψιν η οποία έγινε χθες, με την συμμετοχήν εκπροσώπων των εξαγωγέων, ετονίσθη η ανάγκη μειώσεως του κόστους μεταφοράς. Αι Ελληνικαί σιδηροδρομικαί γραμμαί θα παραχωρήσουν ειδικά τιμολόγια δια τα εξαγόμενα προϊόντα, ενώ θα ζητηθή από τους εφοπλιστάς μείωσις των ναύλων.

ΟΥΔΟΛΩΣ ΜΕΤΕΒΛΗΘΗ Η ΓΕΡΜΑΝΙΚΗ ΠΟΛΙΤΙΚΗ ΜΕΤΑ ΤΗΝ ΑΠΟΜΑΚΡΥΝΣΙΝ ΤΟΥ Κ. ΑΝΤΕΝΑΟΥΕΡ

ΤΟΚΙΟ, 7. — Ο Δυτικογερμανός υπουργός δήλωσεν ότι η πολιτική της κυβερνήσεως ουδόλως μετεβλήθη μετά την απομάκρυνσιν του καγκελαρίου Αντενάουερ.

ΑΥΤΟΕΤΡΑΥΜΑΤΙΣΘΗ ΔΙΑ ΝΑ ΕΝΟΧΟΠΟΙΗΣΗ ΤΟΥΣ ΑΔΕΛΦΟΥΣ ΤΗΣ

ΑΘΗΝΑΙ, 7. — Νεαρά αυτοετραυματίσθη δια να ενοχοποιήση τους αδελφούς της.

Η ΕΙΣΑΓΩΓΗ ΛΑΚΕΡΔΑΣ ΕΚ ΤΟΥ ΕΞΩΤΕΡΙΚΟΥ ΠΛΗΤΤΕΙ ΤΗΝ ΑΛΙΕΙΑΝ ΚΑΙ ΤΗΝ ΒΙΟΤΕΧΝΙΑΝ

ΑΘΗΝΑΙ, 7. — Η εισαγωγή λακέρδας εκ του εξωτερικού πλήττει την αλιείαν και την βιοτεχνίαν. Οι αλιείς ζητούν την λήψιν προστατευτικών μέτρων.

ΔΙΕΠΡΑΞΕ 30 ΚΛΟΠΑΣ ΕΙΣ ΤΑΣ ΑΘΗΝΑΣ ΚΑΙ ΑΛΛΑΣ ΠΟΛΕΙΣ

ΑΘΗΝΑΙ, 7. — Συνελήφθη διαρρήκτης ο οποίος διέπραξε τριάκοντα κλοπάς.

ΠΥΡΚΑΪΑ ΑΠΕΤΕΦΡΩΣΕ ΥΠΟΔΗΜΑΤΟΠΟΙΕΙΟΝ ΕΙΣ ΤΑΣ ΑΘΗΝΑΣ

ΑΘΗΝΑΙ, 7. — Πυρκαϊά απετέφρωσεν υποδηματοποιείον.

ΕΛΗΞΑΝ ΑΙ ΣΥΝΟΜΙΛΙΑΙ ΕΙΣ ΤΟ ΚΑΪΡΟΝ ΜΕΤΑΞΥ ΤΗΣ ΑΙΘΙΟΠΙΑΣ ΚΑΙ ΤΗΣ ΑΙΓΥΠΤΟΥ

ΚΑΪΡΟΝ, 7. — Έληξαν αι συνομιλίαι μεταξύ της Αιθιοπίας και της Αιγύπτου, αι οποίαι διεξήχθησαν εις πνεύμα φιλίας και συνεργασίας.

Η ΣΟΒΙΕΤΙΚΗ ΕΝΩΣΙΣ ΑΝΗΓΕΙΡΕ ΝΟΣΟΚΟΜΕΙΟΝ ΕΙΣ ΤΗΝ ΤΣΑΚΑΡΤΑΝ

ΤΖΑΚΑΡΤΑ, 7. — Η Σοβιετική Ένωσις ανήγειρε νοσοκομείον.

ΖΗΤΕΙ ΑΠΟ ΤΟΝ ΙΝΟΝΟΥ ΤΗΝ ΑΠΟΧΩΡΗΣΙΝ ΤΟΥ ΥΠΟΔΙΚΟΥ ΥΠΟΥΡΓΟΥ

ΚΩΝΣΤΑΝΤΙΝΟΥΠΟΛΙΣ, 7. — Η αντιπολίτευσις ζητεί την αποχώρησιν.

ΕΚΚΛΗΣΙΣ ΤΟΥ ΡΟΥΜΑΝΟΥ ΠΡΩΘΥΠΟΥΡΓΟΥ ΠΡΟΣ ΣΥΝΔΙΑΛΛΑΓΗΝ ΚΙΝΑΣ ΚΑΙ Σ. ΡΩΣΙΑΣ

ΜΟΣΧΑ, 7. — Ο Ρουμάνος πρωθυπουργός απηύθυνεν έκκλησιν προς συνδιαλλαγήν Κίνας και Σοβ. Ρωσίας.

ΚΑΙ ΑΛΛΟΙ ΔΙΟΡΙΣΜΟΙ ΔΗΜΟΔΙΔΑΣΚΑΛΩΝ

ΑΘΗΝΑΙ, 7. — Διωρίσθησαν και άλλοι δημοδιδάσκαλοι εις τα σχολεία της υπαίθρου.

ΕΚΕΡΔΙΣΕΝ ΕΙΣ ΤΟΝ ΙΠΠΟΔΡΟΜΟΝ 79.660 ΔΟΛΛΑΡΙΑ

ΝΕΑ ΥΟΡΚΗ, 7. — Εκέρδισεν εις τον ιππόδρομον.

ΕΝΙΣΧΥΣΕΙΣ ΣΙΑΜΑΙΩΝ ΕΙΣ ΑΡΓΕΝΤΙΝΗΝ

ΜΠΟΥΕΝΟΣ ΑΪΡΕΣ, 7. — Ενισχύσεις.

ΠΡΟΑΓΩΓΑΙ ΑΞΙΩΜΑΤΙΚΩΝ ΤΗΣ ΑΕΡΟΠΟΡΙΑΣ

ΑΘΗΝΑΙ, 7. — Δι' αποφάσεως προάγονται οι κάτωθι αξιωματικοί της Αεροπορίας εις τους βαθμούς του σμηνάρχου και του αντισμηνάρχου.

ΝΕΑΙ ΠΡΟΑΓΩΓΑΙ ΕΙΣ ΤΟ ΛΙΜΕΝΙΚΟΝ ΣΩΜΑ

ΑΘΗΝΑΙ, 7. — Δι' αποφάσεως του υπουργού Εμπορικής Ναυτιλίας προάγονται εις το Λιμενικόν Σώμα οι κάτωθι αξιωματικοί.
